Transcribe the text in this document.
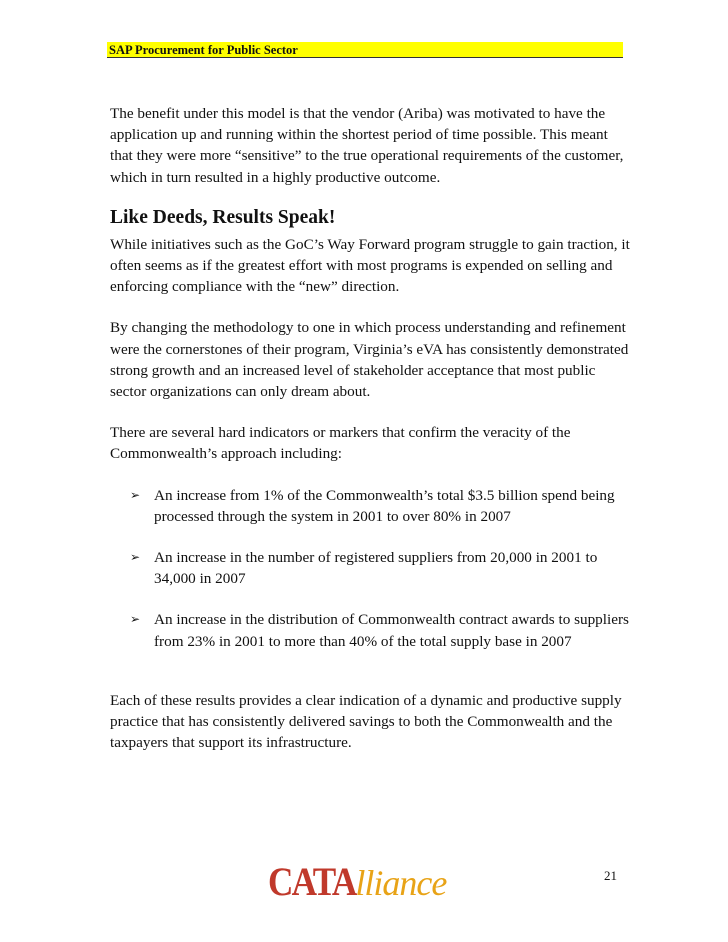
SAP Procurement for Public Sector

The benefit under this model is that the vendor (Ariba) was motivated to have the application up and running within the shortest period of time possible. This meant that they were more “sensitive” to the true operational requirements of the customer, which in turn resulted in a highly productive outcome.

Like Deeds, Results Speak!

While initiatives such as the GoC’s Way Forward program struggle to gain traction, it often seems as if the greatest effort with most programs is expended on selling and enforcing compliance with the “new” direction.

By changing the methodology to one in which process understanding and refinement were the cornerstones of their program, Virginia’s eVA has consistently demonstrated strong growth and an increased level of stakeholder acceptance that most public sector organizations can only dream about.

There are several hard indicators or markers that confirm the veracity of the Commonwealth’s approach including:

➢ An increase from 1% of the Commonwealth’s total $3.5 billion spend being processed through the system in 2001 to over 80% in 2007
➢ An increase in the number of registered suppliers from 20,000 in 2001 to 34,000 in 2007
➢ An increase in the distribution of Commonwealth contract awards to suppliers from 23% in 2001 to more than 40% of the total supply base in 2007

Each of these results provides a clear indication of a dynamic and productive supply practice that has consistently delivered savings to both the Commonwealth and the taxpayers that support its infrastructure.

CATAlliance	21
